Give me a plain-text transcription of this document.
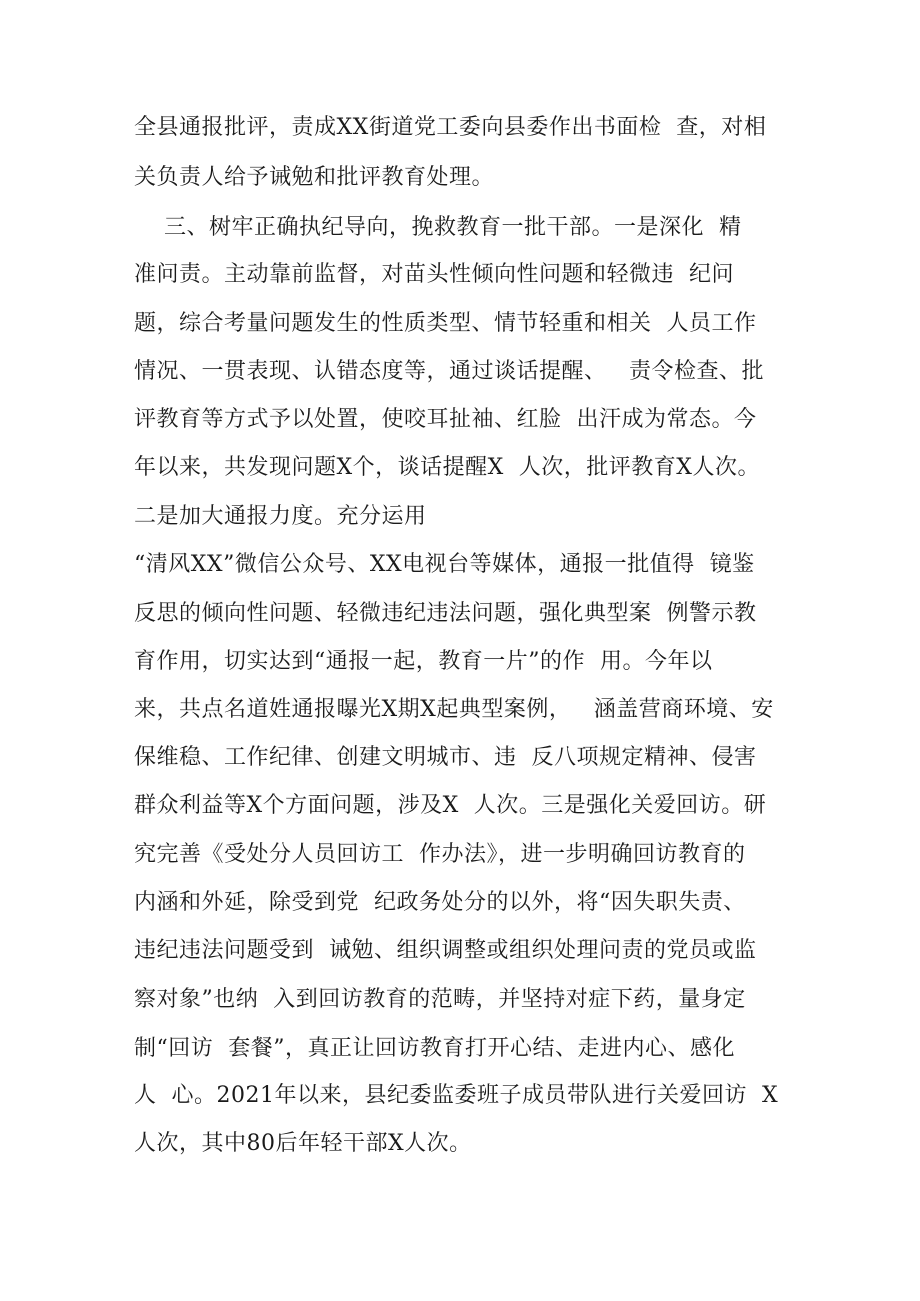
全县通报批评，责成XX街道党工委向县委作出书面检  查，对相

关负责人给予诫勉和批评教育处理。

三、树牢正确执纪导向，挽救教育一批干部。一是深化  精

准问责。主动靠前监督，对苗头性倾向性问题和轻微违  纪问

题，综合考量问题发生的性质类型、情节轻重和相关  人员工作

情况、一贯表现、认错态度等，通过谈话提醒、   责令检查、批

评教育等方式予以处置，使咬耳扯袖、红脸  出汗成为常态。今

年以来，共发现问题X个，谈话提醒X  人次，批评教育X人次。

二是加大通报力度。充分运用

“清风XX”微信公众号、XX电视台等媒体，通报一批值得  镜鉴

反思的倾向性问题、轻微违纪违法问题，强化典型案  例警示教

育作用，切实达到“通报一起，教育一片”的作  用。今年以

来，共点名道姓通报曝光X期X起典型案例，   涵盖营商环境、安

保维稳、工作纪律、创建文明城市、违  反八项规定精神、侵害

群众利益等X个方面问题，涉及X  人次。三是强化关爱回访。研

究完善《受处分人员回访工  作办法》，进一步明确回访教育的

内涵和外延，除受到党  纪政务处分的以外，将“因失职失责、

违纪违法问题受到  诫勉、组织调整或组织处理问责的党员或监

察对象”也纳  入到回访教育的范畴，并坚持对症下药，量身定

制“回访  套餐”，真正让回访教育打开心结、走进内心、感化

人  心。2021年以来，县纪委监委班子成员带队进行关爱回访  X

人次，其中80后年轻干部X人次。
